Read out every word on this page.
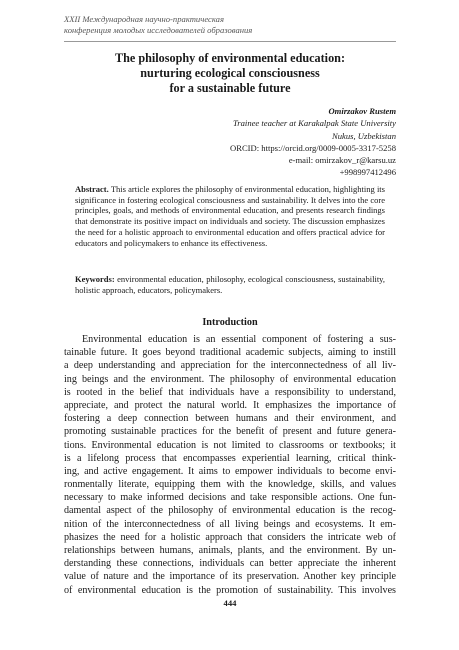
XXII Международная научно-практическая
конференция молодых исследователей образования
The philosophy of environmental education:
nurturing ecological consciousness
for a sustainable future
Omirzakov Rustem
Trainee teacher at Karakalpak State University
Nukus, Uzbekistan
ORCID: https://orcid.org/0009-0005-3317-5258
e-mail: omirzakov_r@karsu.uz
+998997412496
Abstract. This article explores the philosophy of environmental education, highlighting its significance in fostering ecological consciousness and sustainability. It delves into the core principles, goals, and methods of environmental education, and presents research findings that demonstrate its positive impact on individuals and society. The discussion emphasizes the need for a holistic approach to environmental education and offers practical advice for educators and policymakers to enhance its effectiveness.
Keywords: environmental education, philosophy, ecological consciousness, sustainability, holistic approach, educators, policymakers.
Introduction
Environmental education is an essential component of fostering a sus-
tainable future. It goes beyond traditional academic subjects, aiming to instill
a deep understanding and appreciation for the interconnectedness of all liv-
ing beings and the environment. The philosophy of environmental education
is rooted in the belief that individuals have a responsibility to understand,
appreciate, and protect the natural world. It emphasizes the importance of
fostering a deep connection between humans and their environment, and
promoting sustainable practices for the benefit of present and future genera-
tions. Environmental education is not limited to classrooms or textbooks; it
is a lifelong process that encompasses experiential learning, critical think-
ing, and active engagement. It aims to empower individuals to become envi-
ronmentally literate, equipping them with the knowledge, skills, and values
necessary to make informed decisions and take responsible actions. One fun-
damental aspect of the philosophy of environmental education is the recog-
nition of the interconnectedness of all living beings and ecosystems. It em-
phasizes the need for a holistic approach that considers the intricate web of
relationships between humans, animals, plants, and the environment. By un-
derstanding these connections, individuals can better appreciate the inherent
value of nature and the importance of its preservation. Another key principle
of environmental education is the promotion of sustainability. This involves
444
